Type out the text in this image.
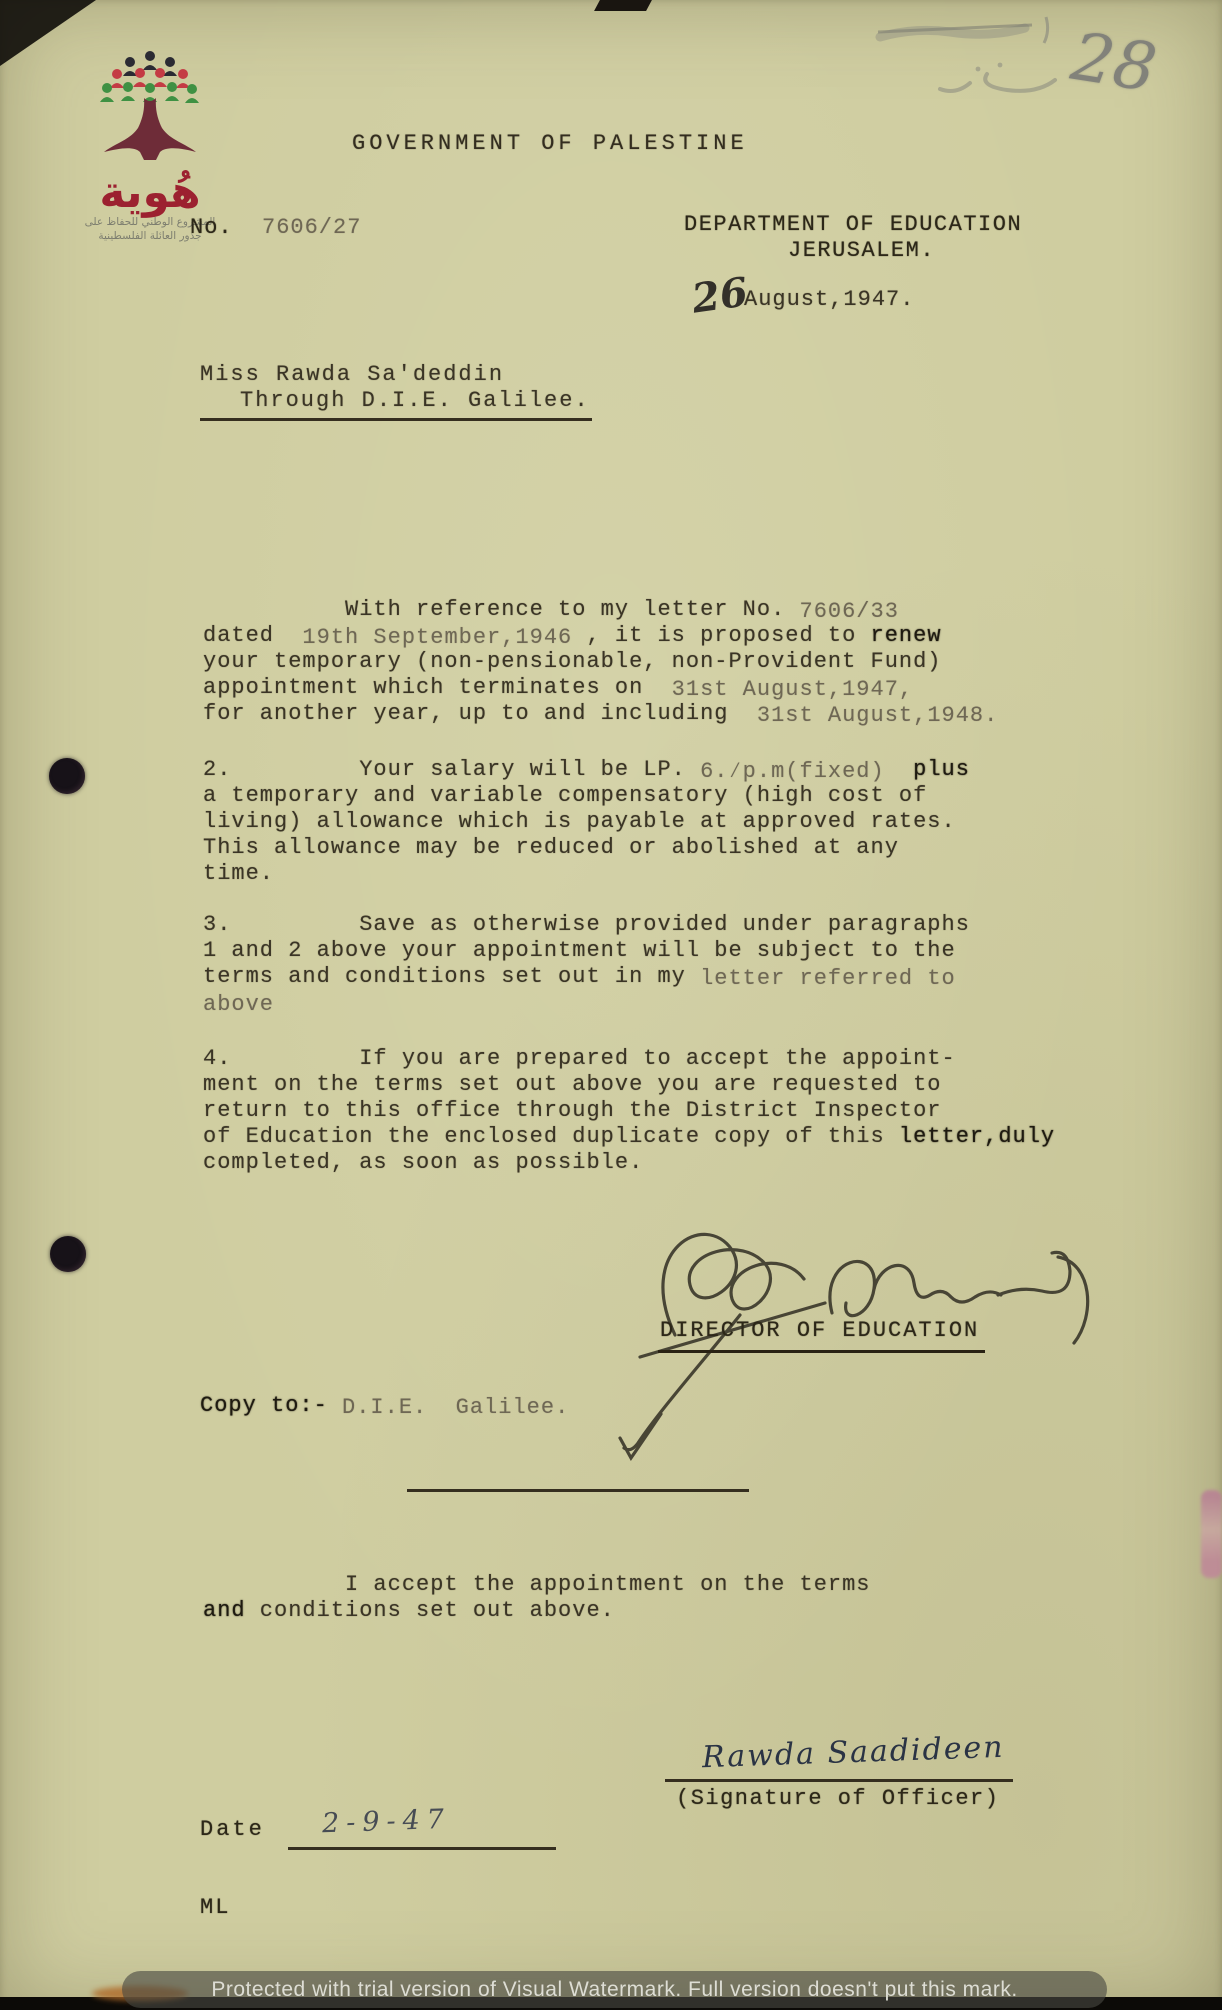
هُوية
المشروع الوطني للحفاظ على
جذور العائلة الفلسطينية
28
GOVERNMENT OF PALESTINE
No. 7606/27	DEPARTMENT OF EDUCATION
JERUSALEM.
26
August,1947.
Miss Rawda Sa'deddin
Through D.I.E. Galilee.
With reference to my letter No. 7606/33
dated  19th September,1946 , it is proposed to renew
your temporary (non-pensionable, non-Provident Fund)
appointment which terminates on  31st August,1947,
for another year, up to and including  31st August,1948.
2.         Your salary will be LP. 6.∕p.m(fixed) plus
a temporary and variable compensatory (high cost of
living) allowance which is payable at approved rates.
This allowance may be reduced or abolished at any
time.
3.         Save as otherwise provided under paragraphs
1 and 2 above your appointment will be subject to the
terms and conditions set out in my letter referred to
above
4.         If you are prepared to accept the appoint-
ment on the terms set out above you are requested to
return to this office through the District Inspector
of Education the enclosed duplicate copy of this letter,duly
completed, as soon as possible.
DIRECTOR OF EDUCATION
Copy to:- D.I.E.  Galilee.
I accept the appointment on the terms
and conditions set out above.
Rawda Saadideen
(Signature of Officer)
Date 2-9-47
ML
Protected with trial version of Visual Watermark. Full version doesn't put this mark.
